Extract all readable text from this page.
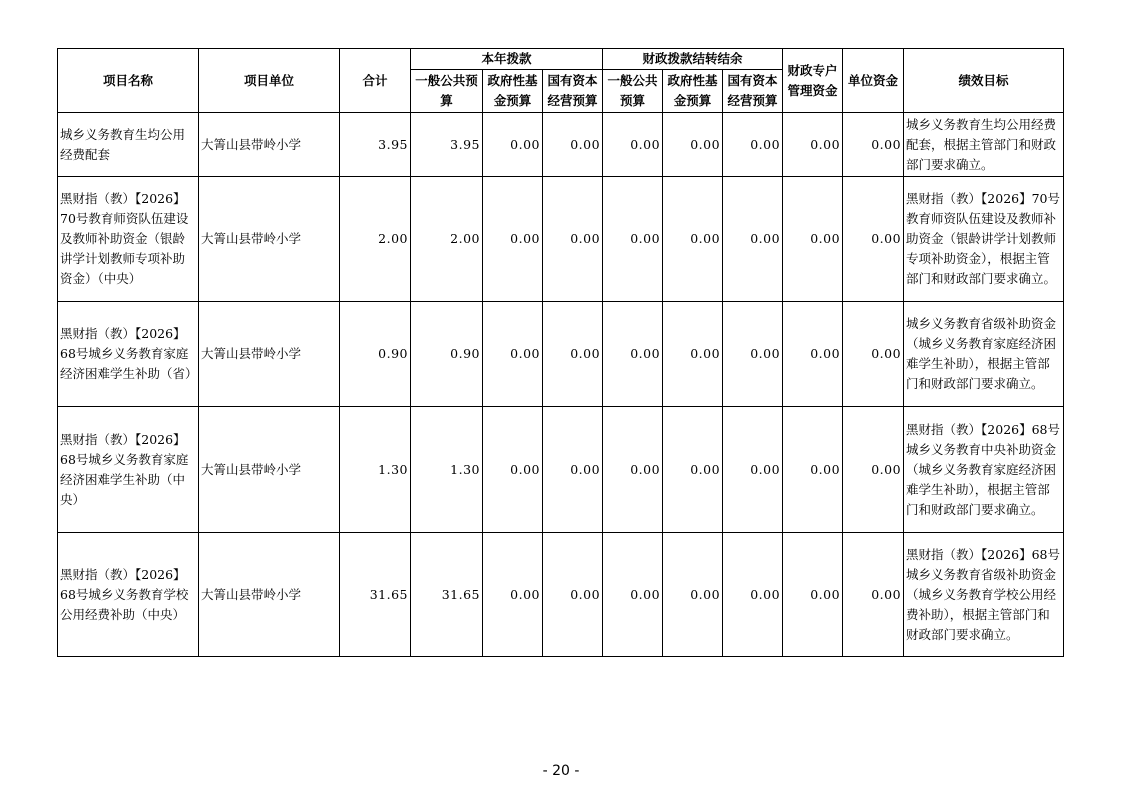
项目名称	项目单位	合计	本年拨款			财政拨款结转结余			财政专户管理资金	单位资金	绩效目标
			一般公共预算	政府性基金预算	国有资本经营预算	一般公共预算	政府性基金预算	国有资本经营预算			
城乡义务教育生均公用经费配套	大箐山县带岭小学	3.95	3.95	0.00	0.00	0.00	0.00	0.00	0.00	0.00	城乡义务教育生均公用经费配套，根据主管部门和财政部门要求确立。
黑财指（教）【2026】70号教育师资队伍建设及教师补助资金（银龄讲学计划教师专项补助资金）（中央）	大箐山县带岭小学	2.00	2.00	0.00	0.00	0.00	0.00	0.00	0.00	0.00	黑财指（教）【2026】70号教育师资队伍建设及教师补助资金（银龄讲学计划教师专项补助资金），根据主管部门和财政部门要求确立。
黑财指（教）【2026】68号城乡义务教育家庭经济困难学生补助（省）	大箐山县带岭小学	0.90	0.90	0.00	0.00	0.00	0.00	0.00	0.00	0.00	城乡义务教育省级补助资金（城乡义务教育家庭经济困难学生补助），根据主管部门和财政部门要求确立。
黑财指（教）【2026】68号城乡义务教育家庭经济困难学生补助（中央）	大箐山县带岭小学	1.30	1.30	0.00	0.00	0.00	0.00	0.00	0.00	0.00	黑财指（教）【2026】68号城乡义务教育中央补助资金（城乡义务教育家庭经济困难学生补助），根据主管部门和财政部门要求确立。
黑财指（教）【2026】68号城乡义务教育学校公用经费补助（中央）	大箐山县带岭小学	31.65	31.65	0.00	0.00	0.00	0.00	0.00	0.00	0.00	黑财指（教）【2026】68号城乡义务教育省级补助资金（城乡义务教育学校公用经费补助），根据主管部门和财政部门要求确立。
- 20 -
